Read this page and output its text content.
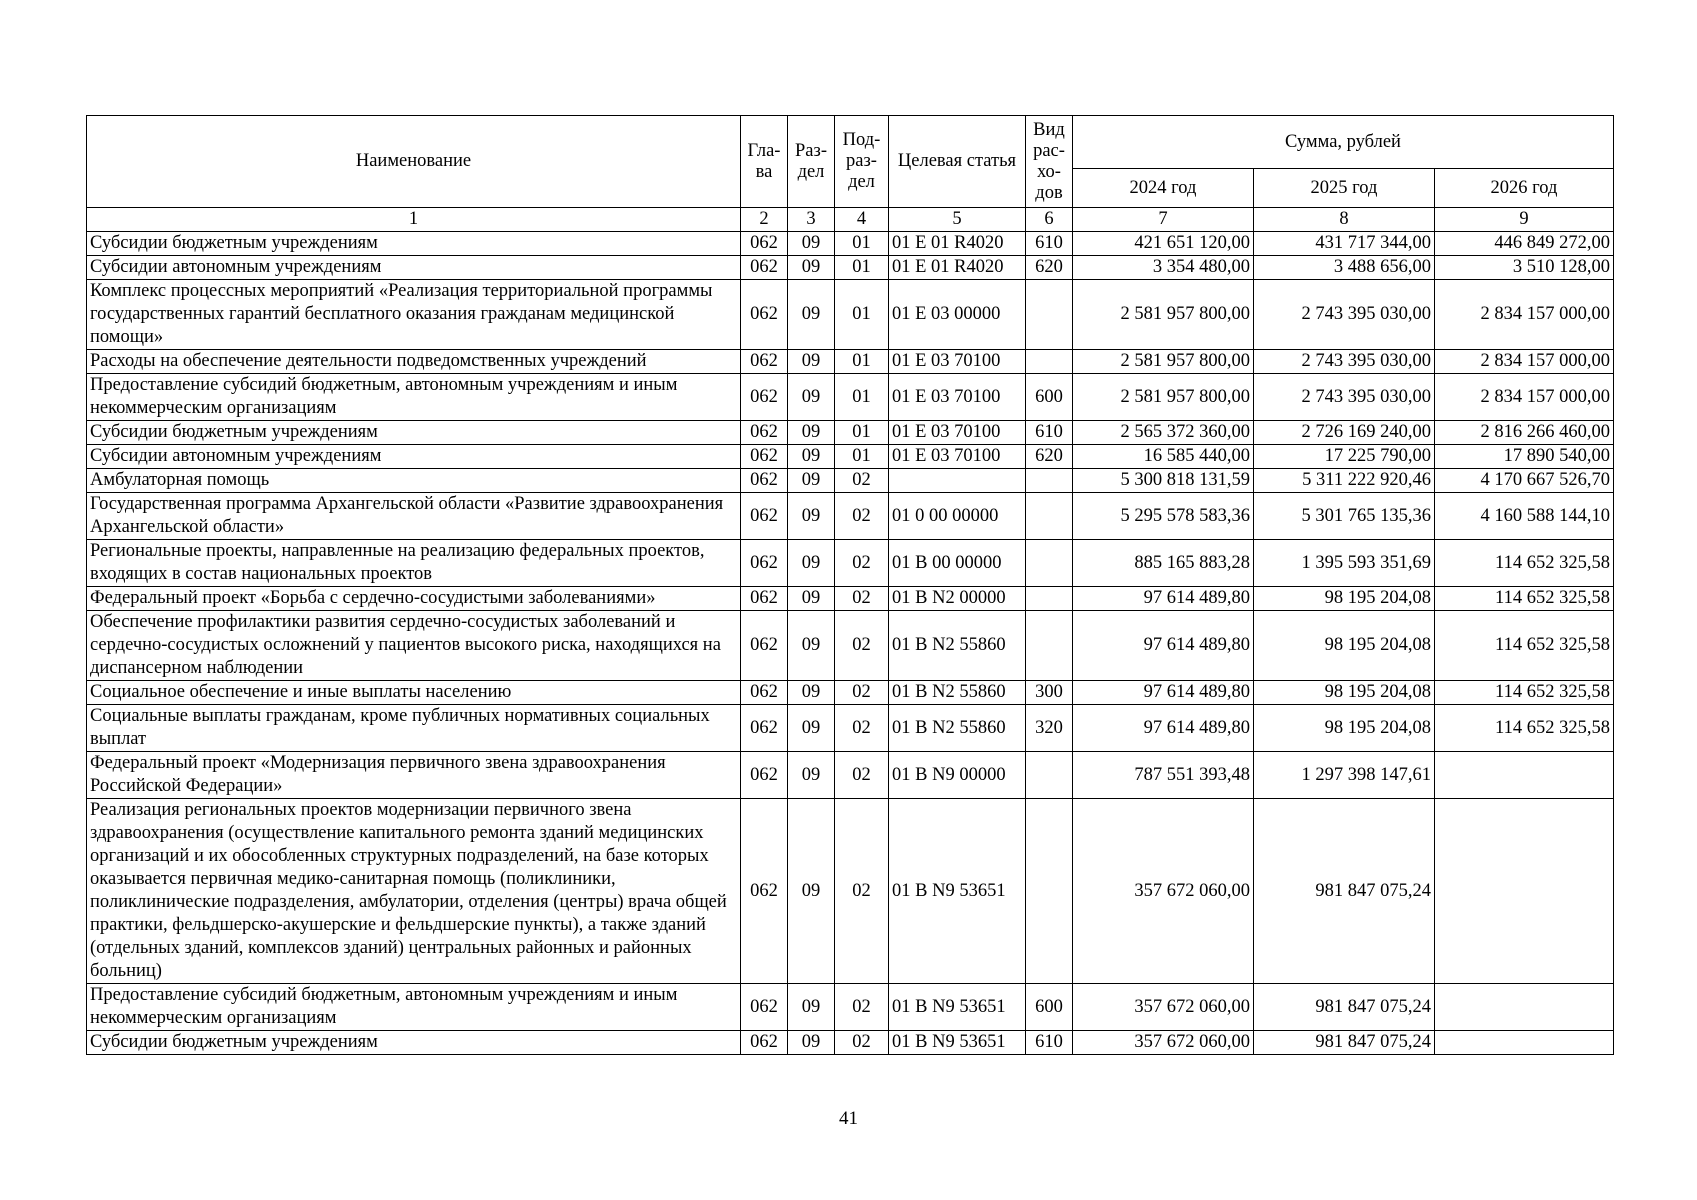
Наименование	Гла-ва	Раз-дел	Под-раз-дел	Целевая статья	Вид рас-хо-дов	Сумма, рублей		
						2024 год	2025 год	2026 год
1	2	3	4	5	6	7	8	9
Субсидии бюджетным учреждениям	062	09	01	01 Е 01 R4020	610	421 651 120,00	431 717 344,00	446 849 272,00
Субсидии автономным учреждениям	062	09	01	01 Е 01 R4020	620	3 354 480,00	3 488 656,00	3 510 128,00
Комплекс процессных мероприятий «Реализация территориальной программы государственных гарантий бесплатного оказания гражданам медицинской помощи»	062	09	01	01 Е 03 00000		2 581 957 800,00	2 743 395 030,00	2 834 157 000,00
Расходы на обеспечение деятельности подведомственных учреждений	062	09	01	01 Е 03 70100		2 581 957 800,00	2 743 395 030,00	2 834 157 000,00
Предоставление субсидий бюджетным, автономным учреждениям и иным некоммерческим организациям	062	09	01	01 Е 03 70100	600	2 581 957 800,00	2 743 395 030,00	2 834 157 000,00
Субсидии бюджетным учреждениям	062	09	01	01 Е 03 70100	610	2 565 372 360,00	2 726 169 240,00	2 816 266 460,00
Субсидии автономным учреждениям	062	09	01	01 Е 03 70100	620	16 585 440,00	17 225 790,00	17 890 540,00
Амбулаторная помощь	062	09	02			5 300 818 131,59	5 311 222 920,46	4 170 667 526,70
Государственная программа Архангельской области «Развитие здравоохранения Архангельской области»	062	09	02	01 0 00 00000		5 295 578 583,36	5 301 765 135,36	4 160 588 144,10
Региональные проекты, направленные на реализацию федеральных проектов, входящих в состав национальных проектов	062	09	02	01 В 00 00000		885 165 883,28	1 395 593 351,69	114 652 325,58
Федеральный проект «Борьба с сердечно-сосудистыми заболеваниями»	062	09	02	01 В N2 00000		97 614 489,80	98 195 204,08	114 652 325,58
Обеспечение профилактики развития сердечно-сосудистых заболеваний и сердечно-сосудистых осложнений у пациентов высокого риска, находящихся на диспансерном наблюдении	062	09	02	01 В N2 55860		97 614 489,80	98 195 204,08	114 652 325,58
Социальное обеспечение и иные выплаты населению	062	09	02	01 В N2 55860	300	97 614 489,80	98 195 204,08	114 652 325,58
Социальные выплаты гражданам, кроме публичных нормативных социальных выплат	062	09	02	01 В N2 55860	320	97 614 489,80	98 195 204,08	114 652 325,58
Федеральный проект «Модернизация первичного звена здравоохранения Российской Федерации»	062	09	02	01 В N9 00000		787 551 393,48	1 297 398 147,61	
Реализация региональных проектов модернизации первичного звена здравоохранения (осуществление капитального ремонта зданий медицинских организаций и их обособленных структурных подразделений, на базе которых оказывается первичная медико-санитарная помощь (поликлиники, поликлинические подразделения, амбулатории, отделения (центры) врача общей практики, фельдшерско-акушерские и фельдшерские пункты), а также зданий (отдельных зданий, комплексов зданий) центральных районных и районных больниц)	062	09	02	01 В N9 53651		357 672 060,00	981 847 075,24	
Предоставление субсидий бюджетным, автономным учреждениям и иным некоммерческим организациям	062	09	02	01 В N9 53651	600	357 672 060,00	981 847 075,24	
Субсидии бюджетным учреждениям	062	09	02	01 В N9 53651	610	357 672 060,00	981 847 075,24	
41
